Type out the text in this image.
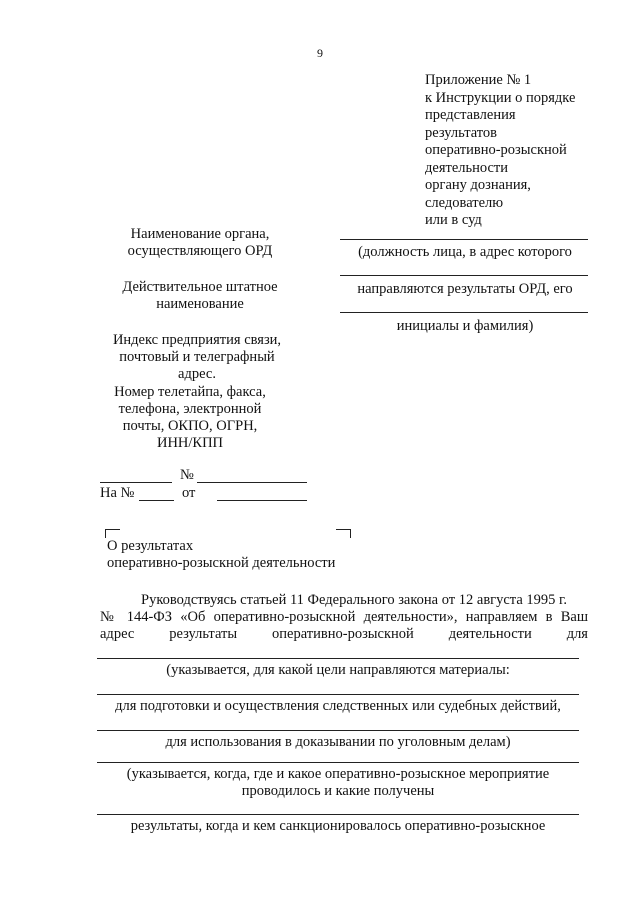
9
Приложение № 1
к Инструкции о порядке
представления
результатов
оперативно-розыскной
деятельности
органу дознания,
следователю
или в суд
(должность лица, в адрес которого
направляются результаты ОРД, его
инициалы и фамилия)
Наименование органа,
осуществляющего ОРД
Действительное штатное
наименование
Индекс предприятия связи,
почтовый и телеграфный
адрес.
Номер телетайпа, факса,
телефона, электронной
почты, ОКПО, ОГРН,
ИНН/КПП
№
На №	от
О результатах
оперативно-розыскной деятельности
Руководствуясь статьей 11 Федерального закона от 12 августа 1995 г.
№ 144-ФЗ «Об оперативно-розыскной деятельности», направляем в Ваш
адрес результаты оперативно-розыскной деятельности для
(указывается, для какой цели направляются материалы:
для подготовки и осуществления следственных или судебных действий,
для использования в доказывании по уголовным делам)
(указывается, когда, где и какое оперативно-розыскное мероприятие
проводилось и какие получены
результаты, когда и кем санкционировалось оперативно-розыскное
